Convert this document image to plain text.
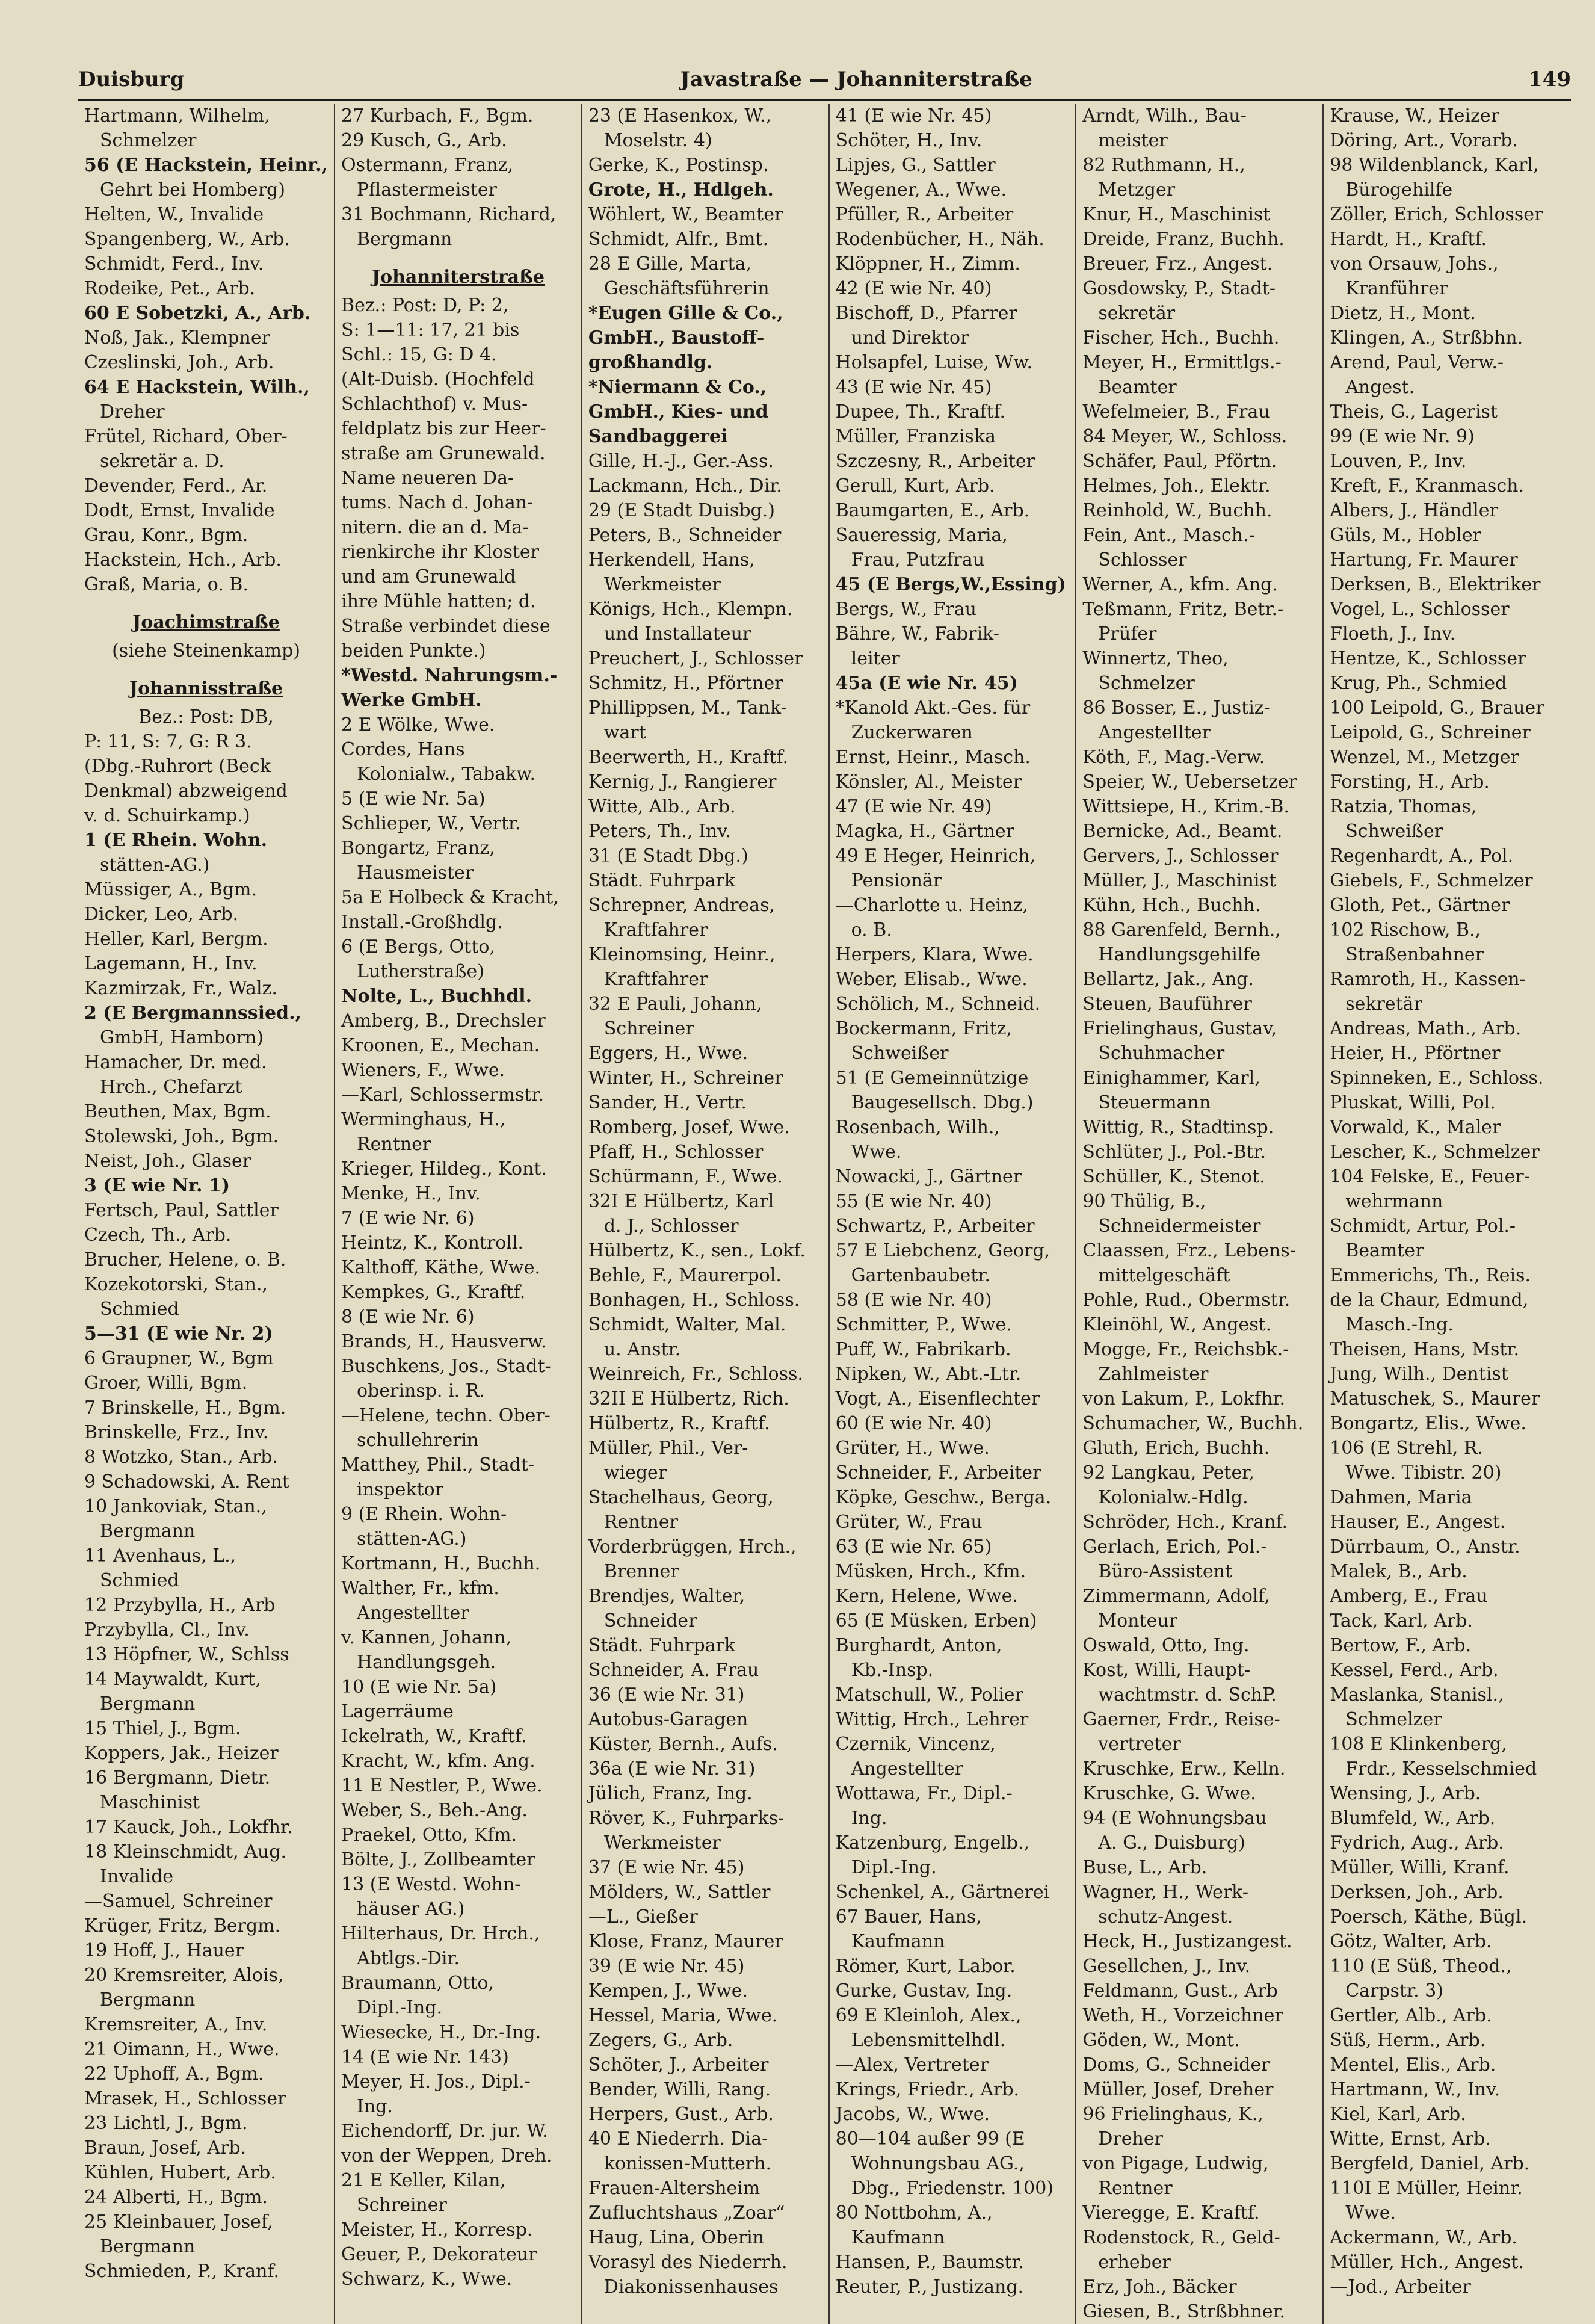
Duisburg	Javastraße — Johanniterstraße	149
Hartmann, Wilhelm,
Schmelzer
56 (E Hackstein, Heinr.,
Gehrt bei Homberg)
Helten, W., Invalide
Spangenberg, W., Arb.
Schmidt, Ferd., Inv.
Rodeike, Pet., Arb.
60 E Sobetzki, A., Arb.
Noß, Jak., Klempner
Czeslinski, Joh., Arb.
64 E Hackstein, Wilh.,
Dreher
Frütel, Richard, Ober-
sekretär a. D.
Devender, Ferd., Ar.
Dodt, Ernst, Invalide
Grau, Konr., Bgm.
Hackstein, Hch., Arb.
Graß, Maria, o. B.
Joachimstraße
(siehe Steinenkamp)
Johannisstraße
Bez.: Post: DB,
P: 11, S: 7, G: R 3.
(Dbg.-Ruhrort (Beck
Denkmal) abzweigend
v. d. Schuirkamp.)
1 (E Rhein. Wohn.
stätten-AG.)
Müssiger, A., Bgm.
Dicker, Leo, Arb.
Heller, Karl, Bergm.
Lagemann, H., Inv.
Kazmirzak, Fr., Walz.
2 (E Bergmannssied.,
GmbH, Hamborn)
Hamacher, Dr. med.
Hrch., Chefarzt
Beuthen, Max, Bgm.
Stolewski, Joh., Bgm.
Neist, Joh., Glaser
3 (E wie Nr. 1)
Fertsch, Paul, Sattler
Czech, Th., Arb.
Brucher, Helene, o. B.
Kozekotorski, Stan.,
Schmied
5—31 (E wie Nr. 2)
6 Graupner, W., Bgm
Groer, Willi, Bgm.
7 Brinskelle, H., Bgm.
Brinskelle, Frz., Inv.
8 Wotzko, Stan., Arb.
9 Schadowski, A. Rent
10 Jankoviak, Stan.,
Bergmann
11 Avenhaus, L.,
Schmied
12 Przybylla, H., Arb
Przybylla, Cl., Inv.
13 Höpfner, W., Schlss
14 Maywaldt, Kurt,
Bergmann
15 Thiel, J., Bgm.
Koppers, Jak., Heizer
16 Bergmann, Dietr.
Maschinist
17 Kauck, Joh., Lokfhr.
18 Kleinschmidt, Aug.
Invalide
—Samuel, Schreiner
Krüger, Fritz, Bergm.
19 Hoff, J., Hauer
20 Kremsreiter, Alois,
Bergmann
Kremsreiter, A., Inv.
21 Oimann, H., Wwe.
22 Uphoff, A., Bgm.
Mrasek, H., Schlosser
23 Lichtl, J., Bgm.
Braun, Josef, Arb.
Kühlen, Hubert, Arb.
24 Alberti, H., Bgm.
25 Kleinbauer, Josef,
Bergmann
Schmieden, P., Kranf.
27 Kurbach, F., Bgm.
29 Kusch, G., Arb.
Ostermann, Franz,
Pflastermeister
31 Bochmann, Richard,
Bergmann
Johanniterstraße
Bez.: Post: D, P: 2,
S: 1—11: 17, 21 bis
Schl.: 15, G: D 4.
(Alt-Duisb. (Hochfeld
Schlachthof) v. Mus-
feldplatz bis zur Heer-
straße am Grunewald.
Name neueren Da-
tums. Nach d. Johan-
nitern. die an d. Ma-
rienkirche ihr Kloster
und am Grunewald
ihre Mühle hatten; d.
Straße verbindet diese
beiden Punkte.)
*Westd. Nahrungsm.-
Werke GmbH.
2 E Wölke, Wwe.
Cordes, Hans
Kolonialw., Tabakw.
5 (E wie Nr. 5a)
Schlieper, W., Vertr.
Bongartz, Franz,
Hausmeister
5a E Holbeck & Kracht,
Install.-Großhdlg.
6 (E Bergs, Otto,
Lutherstraße)
Nolte, L., Buchhdl.
Amberg, B., Drechsler
Kroonen, E., Mechan.
Wieners, F., Wwe.
—Karl, Schlossermstr.
Werminghaus, H.,
Rentner
Krieger, Hildeg., Kont.
Menke, H., Inv.
7 (E wie Nr. 6)
Heintz, K., Kontroll.
Kalthoff, Käthe, Wwe.
Kempkes, G., Kraftf.
8 (E wie Nr. 6)
Brands, H., Hausverw.
Buschkens, Jos., Stadt-
oberinsp. i. R.
—Helene, techn. Ober-
schullehrerin
Matthey, Phil., Stadt-
inspektor
9 (E Rhein. Wohn-
stätten-AG.)
Kortmann, H., Buchh.
Walther, Fr., kfm.
Angestellter
v. Kannen, Johann,
Handlungsgeh.
10 (E wie Nr. 5a)
Lagerräume
Ickelrath, W., Kraftf.
Kracht, W., kfm. Ang.
11 E Nestler, P., Wwe.
Weber, S., Beh.-Ang.
Praekel, Otto, Kfm.
Bölte, J., Zollbeamter
13 (E Westd. Wohn-
häuser AG.)
Hilterhaus, Dr. Hrch.,
Abtlgs.-Dir.
Braumann, Otto,
Dipl.-Ing.
Wiesecke, H., Dr.-Ing.
14 (E wie Nr. 143)
Meyer, H. Jos., Dipl.-
Ing.
Eichendorff, Dr. jur. W.
von der Weppen, Dreh.
21 E Keller, Kilan,
Schreiner
Meister, H., Korresp.
Geuer, P., Dekorateur
Schwarz, K., Wwe.
23 (E Hasenkox, W.,
Moselstr. 4)
Gerke, K., Postinsp.
Grote, H., Hdlgeh.
Wöhlert, W., Beamter
Schmidt, Alfr., Bmt.
28 E Gille, Marta,
Geschäftsführerin
*Eugen Gille & Co.,
GmbH., Baustoff-
großhandlg.
*Niermann & Co.,
GmbH., Kies- und
Sandbaggerei
Gille, H.-J., Ger.-Ass.
Lackmann, Hch., Dir.
29 (E Stadt Duisbg.)
Peters, B., Schneider
Herkendell, Hans,
Werkmeister
Königs, Hch., Klempn.
und Installateur
Preuchert, J., Schlosser
Schmitz, H., Pförtner
Phillippsen, M., Tank-
wart
Beerwerth, H., Kraftf.
Kernig, J., Rangierer
Witte, Alb., Arb.
Peters, Th., Inv.
31 (E Stadt Dbg.)
Städt. Fuhrpark
Schrepner, Andreas,
Kraftfahrer
Kleinomsing, Heinr.,
Kraftfahrer
32 E Pauli, Johann,
Schreiner
Eggers, H., Wwe.
Winter, H., Schreiner
Sander, H., Vertr.
Romberg, Josef, Wwe.
Pfaff, H., Schlosser
Schürmann, F., Wwe.
32I E Hülbertz, Karl
d. J., Schlosser
Hülbertz, K., sen., Lokf.
Behle, F., Maurerpol.
Bonhagen, H., Schloss.
Schmidt, Walter, Mal.
u. Anstr.
Weinreich, Fr., Schloss.
32II E Hülbertz, Rich.
Hülbertz, R., Kraftf.
Müller, Phil., Ver-
wieger
Stachelhaus, Georg,
Rentner
Vorderbrüggen, Hrch.,
Brenner
Brendjes, Walter,
Schneider
Städt. Fuhrpark
Schneider, A. Frau
36 (E wie Nr. 31)
Autobus-Garagen
Küster, Bernh., Aufs.
36a (E wie Nr. 31)
Jülich, Franz, Ing.
Röver, K., Fuhrparks-
Werkmeister
37 (E wie Nr. 45)
Mölders, W., Sattler
—L., Gießer
Klose, Franz, Maurer
39 (E wie Nr. 45)
Kempen, J., Wwe.
Hessel, Maria, Wwe.
Zegers, G., Arb.
Schöter, J., Arbeiter
Bender, Willi, Rang.
Herpers, Gust., Arb.
40 E Niederrh. Dia-
konissen-Mutterh.
Frauen-Altersheim
Zufluchtshaus „Zoar“
Haug, Lina, Oberin
Vorasyl des Niederrh.
Diakonissenhauses
41 (E wie Nr. 45)
Schöter, H., Inv.
Lipjes, G., Sattler
Wegener, A., Wwe.
Pfüller, R., Arbeiter
Rodenbücher, H., Näh.
Klöppner, H., Zimm.
42 (E wie Nr. 40)
Bischoff, D., Pfarrer
und Direktor
Holsapfel, Luise, Ww.
43 (E wie Nr. 45)
Dupee, Th., Kraftf.
Müller, Franziska
Szczesny, R., Arbeiter
Gerull, Kurt, Arb.
Baumgarten, E., Arb.
Saueressig, Maria,
Frau, Putzfrau
45 (E Bergs,W.,Essing)
Bergs, W., Frau
Bähre, W., Fabrik-
leiter
45a (E wie Nr. 45)
*Kanold Akt.-Ges. für
Zuckerwaren
Ernst, Heinr., Masch.
Könsler, Al., Meister
47 (E wie Nr. 49)
Magka, H., Gärtner
49 E Heger, Heinrich,
Pensionär
—Charlotte u. Heinz,
o. B.
Herpers, Klara, Wwe.
Weber, Elisab., Wwe.
Schölich, M., Schneid.
Bockermann, Fritz,
Schweißer
51 (E Gemeinnützige
Baugesellsch. Dbg.)
Rosenbach, Wilh.,
Wwe.
Nowacki, J., Gärtner
55 (E wie Nr. 40)
Schwartz, P., Arbeiter
57 E Liebchenz, Georg,
Gartenbaubetr.
58 (E wie Nr. 40)
Schmitter, P., Wwe.
Puff, W., Fabrikarb.
Nipken, W., Abt.-Ltr.
Vogt, A., Eisenflechter
60 (E wie Nr. 40)
Grüter, H., Wwe.
Schneider, F., Arbeiter
Köpke, Geschw., Berga.
Grüter, W., Frau
63 (E wie Nr. 65)
Müsken, Hrch., Kfm.
Kern, Helene, Wwe.
65 (E Müsken, Erben)
Burghardt, Anton,
Kb.-Insp.
Matschull, W., Polier
Wittig, Hrch., Lehrer
Czernik, Vincenz,
Angestellter
Wottawa, Fr., Dipl.-
Ing.
Katzenburg, Engelb.,
Dipl.-Ing.
Schenkel, A., Gärtnerei
67 Bauer, Hans,
Kaufmann
Römer, Kurt, Labor.
Gurke, Gustav, Ing.
69 E Kleinloh, Alex.,
Lebensmittelhdl.
—Alex, Vertreter
Krings, Friedr., Arb.
Jacobs, W., Wwe.
80—104 außer 99 (E
Wohnungsbau AG.,
Dbg., Friedenstr. 100)
80 Nottbohm, A.,
Kaufmann
Hansen, P., Baumstr.
Reuter, P., Justizang.
Arndt, Wilh., Bau-
meister
82 Ruthmann, H.,
Metzger
Knur, H., Maschinist
Dreide, Franz, Buchh.
Breuer, Frz., Angest.
Gosdowsky, P., Stadt-
sekretär
Fischer, Hch., Buchh.
Meyer, H., Ermittlgs.-
Beamter
Wefelmeier, B., Frau
84 Meyer, W., Schloss.
Schäfer, Paul, Pförtn.
Helmes, Joh., Elektr.
Reinhold, W., Buchh.
Fein, Ant., Masch.-
Schlosser
Werner, A., kfm. Ang.
Teßmann, Fritz, Betr.-
Prüfer
Winnertz, Theo,
Schmelzer
86 Bosser, E., Justiz-
Angestellter
Köth, F., Mag.-Verw.
Speier, W., Uebersetzer
Wittsiepe, H., Krim.-B.
Bernicke, Ad., Beamt.
Gervers, J., Schlosser
Müller, J., Maschinist
Kühn, Hch., Buchh.
88 Garenfeld, Bernh.,
Handlungsgehilfe
Bellartz, Jak., Ang.
Steuen, Bauführer
Frielinghaus, Gustav,
Schuhmacher
Einighammer, Karl,
Steuermann
Wittig, R., Stadtinsp.
Schlüter, J., Pol.-Btr.
Schüller, K., Stenot.
90 Thülig, B.,
Schneidermeister
Claassen, Frz., Lebens-
mittelgeschäft
Pohle, Rud., Obermstr.
Kleinöhl, W., Angest.
Mogge, Fr., Reichsbk.-
Zahlmeister
von Lakum, P., Lokfhr.
Schumacher, W., Buchh.
Gluth, Erich, Buchh.
92 Langkau, Peter,
Kolonialw.-Hdlg.
Schröder, Hch., Kranf.
Gerlach, Erich, Pol.-
Büro-Assistent
Zimmermann, Adolf,
Monteur
Oswald, Otto, Ing.
Kost, Willi, Haupt-
wachtmstr. d. SchP.
Gaerner, Frdr., Reise-
vertreter
Kruschke, Erw., Kelln.
Kruschke, G. Wwe.
94 (E Wohnungsbau
A. G., Duisburg)
Buse, L., Arb.
Wagner, H., Werk-
schutz-Angest.
Heck, H., Justizangest.
Gesellchen, J., Inv.
Feldmann, Gust., Arb
Weth, H., Vorzeichner
Göden, W., Mont.
Doms, G., Schneider
Müller, Josef, Dreher
96 Frielinghaus, K.,
Dreher
von Pigage, Ludwig,
Rentner
Vieregge, E. Kraftf.
Rodenstock, R., Geld-
erheber
Erz, Joh., Bäcker
Giesen, B., Strßbhner.
Krause, W., Heizer
Döring, Art., Vorarb.
98 Wildenblanck, Karl,
Bürogehilfe
Zöller, Erich, Schlosser
Hardt, H., Kraftf.
von Orsauw, Johs.,
Kranführer
Dietz, H., Mont.
Klingen, A., Strßbhn.
Arend, Paul, Verw.-
Angest.
Theis, G., Lagerist
99 (E wie Nr. 9)
Louven, P., Inv.
Kreft, F., Kranmasch.
Albers, J., Händler
Güls, M., Hobler
Hartung, Fr. Maurer
Derksen, B., Elektriker
Vogel, L., Schlosser
Floeth, J., Inv.
Hentze, K., Schlosser
Krug, Ph., Schmied
100 Leipold, G., Brauer
Leipold, G., Schreiner
Wenzel, M., Metzger
Forsting, H., Arb.
Ratzia, Thomas,
Schweißer
Regenhardt, A., Pol.
Giebels, F., Schmelzer
Gloth, Pet., Gärtner
102 Rischow, B.,
Straßenbahner
Ramroth, H., Kassen-
sekretär
Andreas, Math., Arb.
Heier, H., Pförtner
Spinneken, E., Schloss.
Pluskat, Willi, Pol.
Vorwald, K., Maler
Lescher, K., Schmelzer
104 Felske, E., Feuer-
wehrmann
Schmidt, Artur, Pol.-
Beamter
Emmerichs, Th., Reis.
de la Chaur, Edmund,
Masch.-Ing.
Theisen, Hans, Mstr.
Jung, Wilh., Dentist
Matuschek, S., Maurer
Bongartz, Elis., Wwe.
106 (E Strehl, R.
Wwe. Tibistr. 20)
Dahmen, Maria
Hauser, E., Angest.
Dürrbaum, O., Anstr.
Malek, B., Arb.
Amberg, E., Frau
Tack, Karl, Arb.
Bertow, F., Arb.
Kessel, Ferd., Arb.
Maslanka, Stanisl.,
Schmelzer
108 E Klinkenberg,
Frdr., Kesselschmied
Wensing, J., Arb.
Blumfeld, W., Arb.
Fydrich, Aug., Arb.
Müller, Willi, Kranf.
Derksen, Joh., Arb.
Poersch, Käthe, Bügl.
Götz, Walter, Arb.
110 (E Süß, Theod.,
Carpstr. 3)
Gertler, Alb., Arb.
Süß, Herm., Arb.
Mentel, Elis., Arb.
Hartmann, W., Inv.
Kiel, Karl, Arb.
Witte, Ernst, Arb.
Bergfeld, Daniel, Arb.
110I E Müller, Heinr.
Wwe.
Ackermann, W., Arb.
Müller, Hch., Angest.
—Jod., Arbeiter
